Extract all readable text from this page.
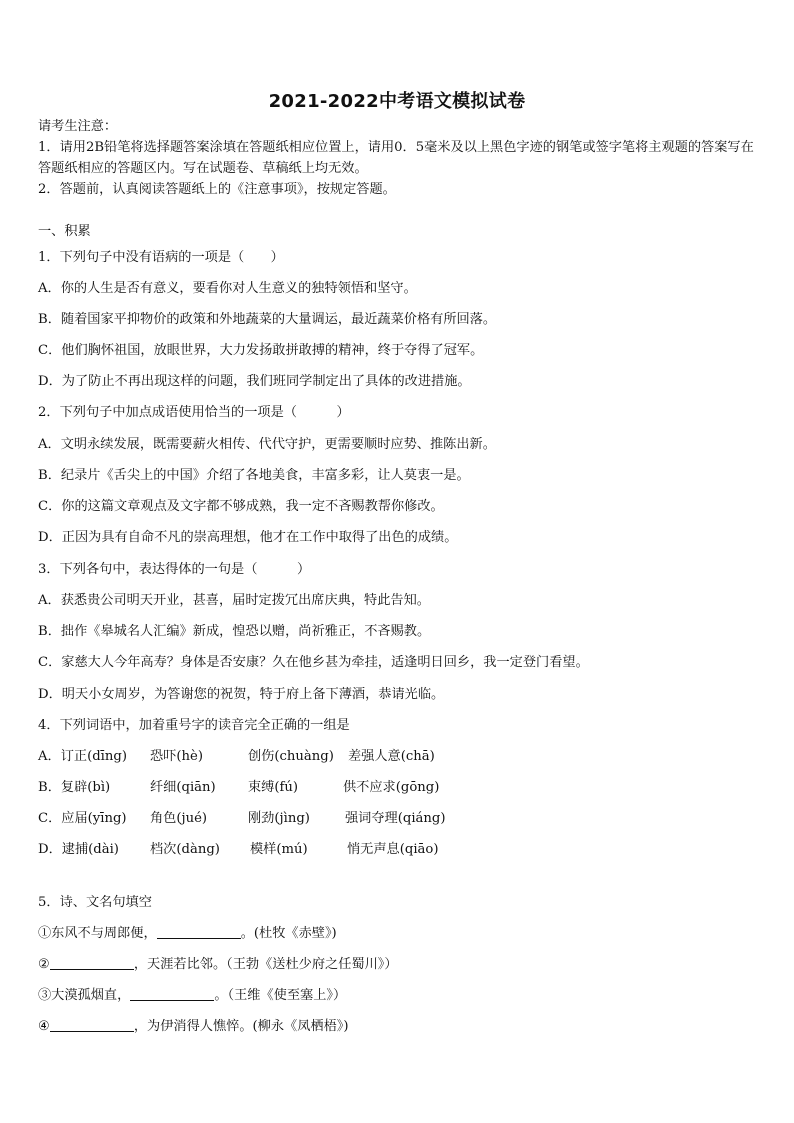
2021-2022中考语文模拟试卷
请考生注意：
1．请用2B铅笔将选择题答案涂填在答题纸相应位置上，请用0．5毫米及以上黑色字迹的钢笔或签字笔将主观题的答案写在答题纸相应的答题区内。写在试题卷、草稿纸上均无效。
2．答题前，认真阅读答题纸上的《注意事项》，按规定答题。
一、积累
1．下列句子中没有语病的一项是（　　）
A．你的人生是否有意义，要看你对人生意义的独特领悟和坚守。
B．随着国家平抑物价的政策和外地蔬菜的大量调运，最近蔬菜价格有所回落。
C．他们胸怀祖国，放眼世界，大力发扬敢拼敢搏的精神，终于夺得了冠军。
D．为了防止不再出现这样的问题，我们班同学制定出了具体的改进措施。
2．下列句子中加点成语使用恰当的一项是（　　　）
A．文明永续发展，既需要薪火相传、代代守护，更需要顺时应势、推陈出新。
B．纪录片《舌尖上的中国》介绍了各地美食，丰富多彩，让人莫衷一是。
C．你的这篇文章观点及文字都不够成熟，我一定不吝赐教帮你修改。
D．正因为具有自命不凡的崇高理想，他才在工作中取得了出色的成绩。
3．下列各句中，表达得体的一句是（　　　）
A．获悉贵公司明天开业，甚喜，届时定拨冗出席庆典，特此告知。
B．拙作《皋城名人汇编》新成，惶恐以赠，尚祈雅正，不吝赐教。
C．家慈大人今年高寿？身体是否安康？久在他乡甚为牵挂，适逢明日回乡，我一定登门看望。
D．明天小女周岁，为答谢您的祝贺，特于府上备下薄酒，恭请光临。
4．下列词语中，加着重号字的读音完全正确的一组是
A．订正(dīng) 恐吓(hè)	创伤(chuàng) 差强人意(chā)
B．复辟(bì)	纤细(qiān) 束缚(fú)	供不应求(gōng)
C．应届(yīng) 角色(jué)	刚劲(jìng)	强词夺理(qiáng)
D．逮捕(dài) 档次(dàng) 模样(mú)	悄无声息(qiāo)
5．诗、文名句填空
①东风不与周郎便，	。(杜牧《赤壁》)
②	，天涯若比邻。（王勃《送杜少府之任蜀川》）
③大漠孤烟直，	。（王维《使至塞上》）
④	，为伊消得人憔悴。(柳永《凤栖梧》)
